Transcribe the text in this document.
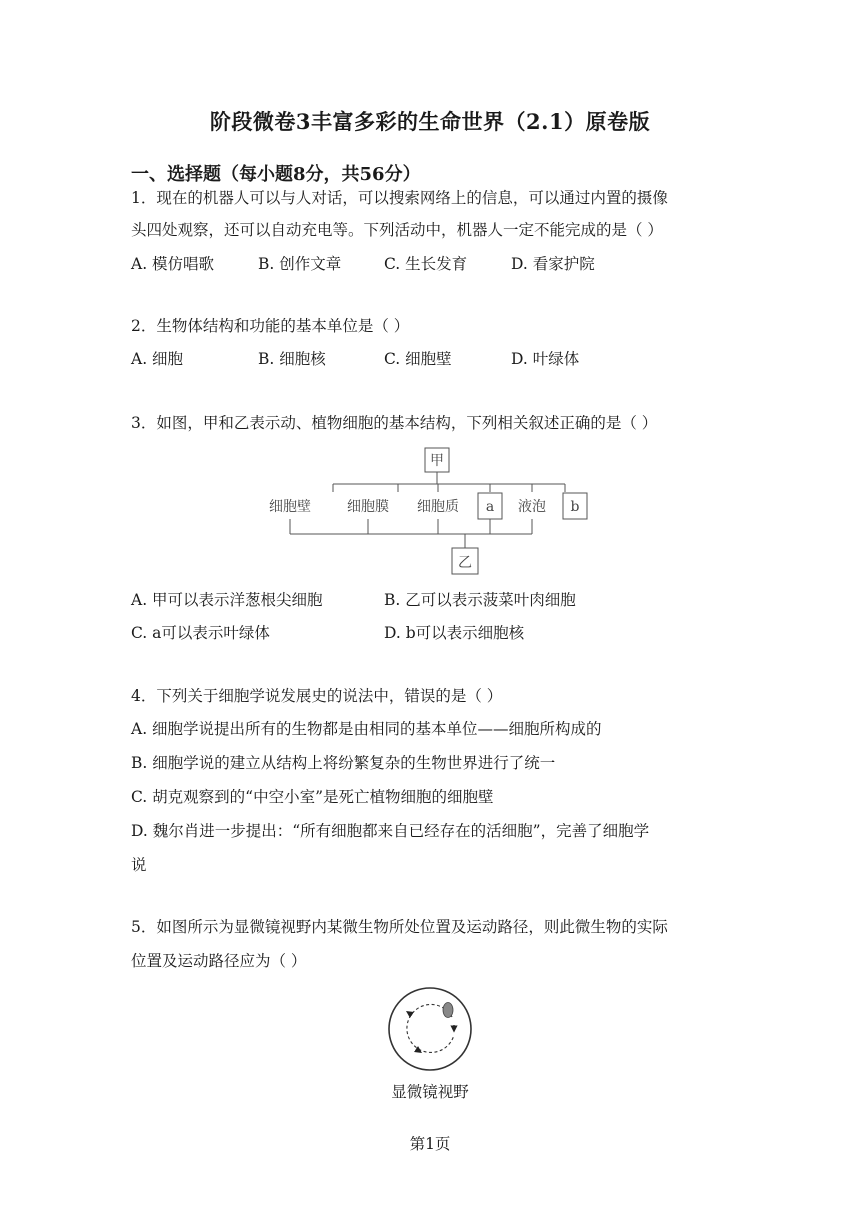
阶段微卷3丰富多彩的生命世界（2.1）原卷版
一、选择题（每小题8分，共56分）
1．现在的机器人可以与人对话，可以搜索网络上的信息，可以通过内置的摄像
头四处观察，还可以自动充电等。下列活动中，机器人一定不能完成的是（ ）
A. 模仿唱歌	B. 创作文章	C. 生长发育	D. 看家护院
2．生物体结构和功能的基本单位是（ ）
A. 细胞	B. 细胞核	C. 细胞壁	D. 叶绿体
3．如图，甲和乙表示动、植物细胞的基本结构，下列相关叙述正确的是（ ）
甲
细胞壁	细胞膜 细胞质 a 液泡 b
乙
A. 甲可以表示洋葱根尖细胞	B. 乙可以表示菠菜叶肉细胞
C. a可以表示叶绿体	D. b可以表示细胞核
4．下列关于细胞学说发展史的说法中，错误的是（ ）
A. 细胞学说提出所有的生物都是由相同的基本单位——细胞所构成的
B. 细胞学说的建立从结构上将纷繁复杂的生物世界进行了统一
C. 胡克观察到的“中空小室”是死亡植物细胞的细胞壁
D. 魏尔肖进一步提出：“所有细胞都来自已经存在的活细胞”，完善了细胞学
说
5．如图所示为显微镜视野内某微生物所处位置及运动路径，则此微生物的实际
位置及运动路径应为（ ）
显微镜视野
第1页
